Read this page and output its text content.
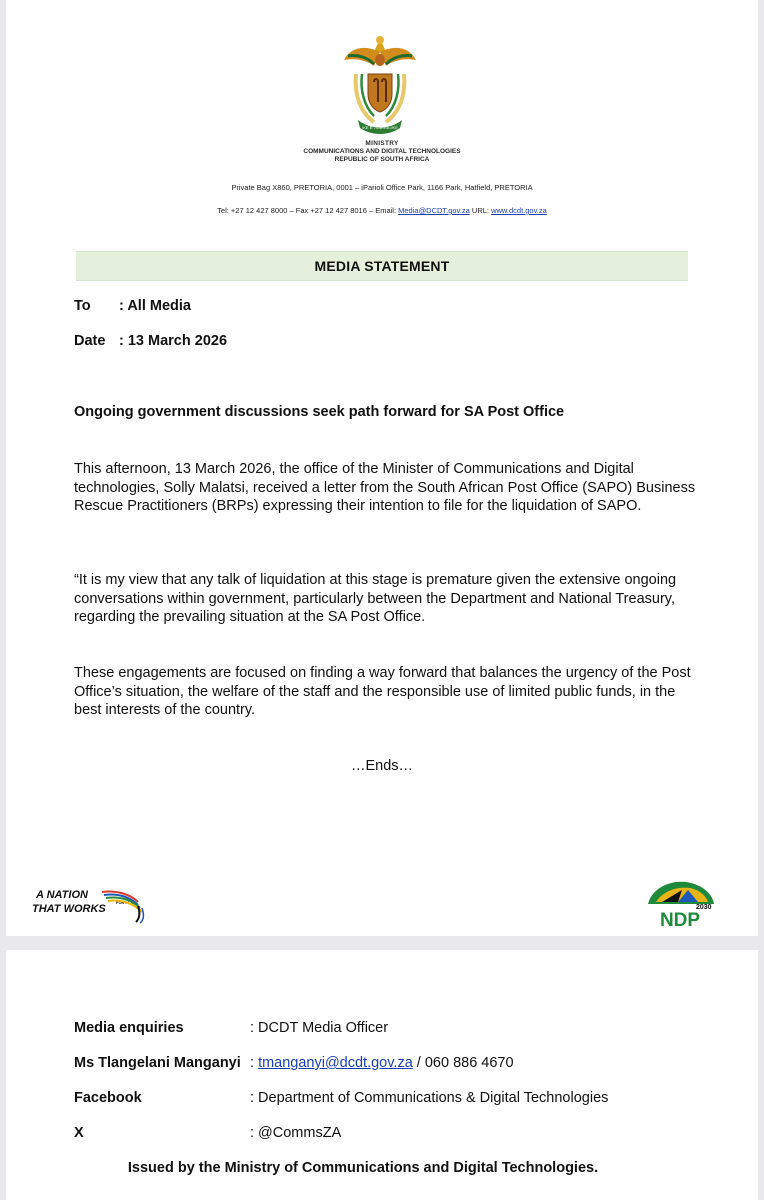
!KE E: /XARRA //KE
MINISTRY
COMMUNICATIONS AND DIGITAL TECHNOLOGIES
REPUBLIC OF SOUTH AFRICA
Private Bag X860, PRETORIA, 0001 – iParioli Office Park, 1166 Park, Hatfield, PRETORIA
Tel: +27 12 427 8000 – Fax +27 12 427 8016 – Email: Media@DCDT.gov.za URL: www.dcdt.gov.za
MEDIA STATEMENT
To : All Media
Date : 13 March 2026
Ongoing government discussions seek path forward for SA Post Office
This afternoon, 13 March 2026, the office of the Minister of Communications and Digital technologies, Solly Malatsi, received a letter from the South African Post Office (SAPO) Business Rescue Practitioners (BRPs) expressing their intention to file for the liquidation of SAPO.
“It is my view that any talk of liquidation at this stage is premature given the extensive ongoing conversations within government, particularly between the Department and National Treasury, regarding the prevailing situation at the SA Post Office.
These engagements are focused on finding a way forward that balances the urgency of the Post Office’s situation, the welfare of the staff and the responsible use of limited public funds, in the best interests of the country.
…Ends…
A NATION
THAT WORKS
FOR ALL
2030
NDP
Media enquiries	: DCDT Media Officer
Ms Tlangelani Manganyi : tmanganyi@dcdt.gov.za / 060 886 4670
Facebook	: Department of Communications & Digital Technologies
X	: @CommsZA
Issued by the Ministry of Communications and Digital Technologies.
